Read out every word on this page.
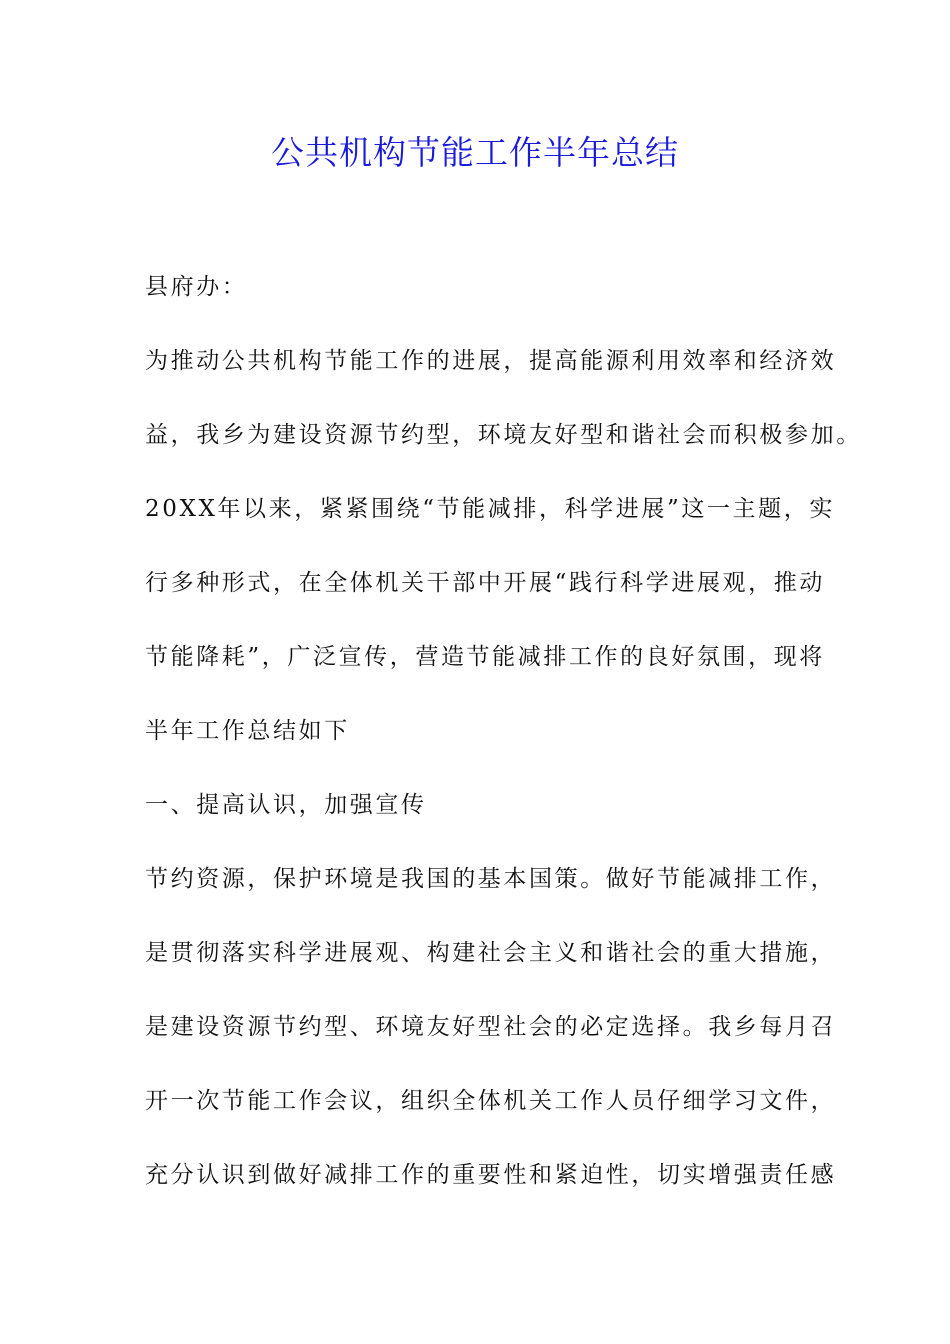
公共机构节能工作半年总结
县府办：
为推动公共机构节能工作的进展，提高能源利用效率和经济效
益，我乡为建设资源节约型，环境友好型和谐社会而积极参加。
20XX年以来，紧紧围绕“节能减排，科学进展”这一主题，实
行多种形式，在全体机关干部中开展“践行科学进展观，推动
节能降耗”，广泛宣传，营造节能减排工作的良好氛围，现将
半年工作总结如下
一、提高认识，加强宣传
节约资源，保护环境是我国的基本国策。做好节能减排工作，
是贯彻落实科学进展观、构建社会主义和谐社会的重大措施，
是建设资源节约型、环境友好型社会的必定选择。我乡每月召
开一次节能工作会议，组织全体机关工作人员仔细学习文件，
充分认识到做好减排工作的重要性和紧迫性，切实增强责任感
